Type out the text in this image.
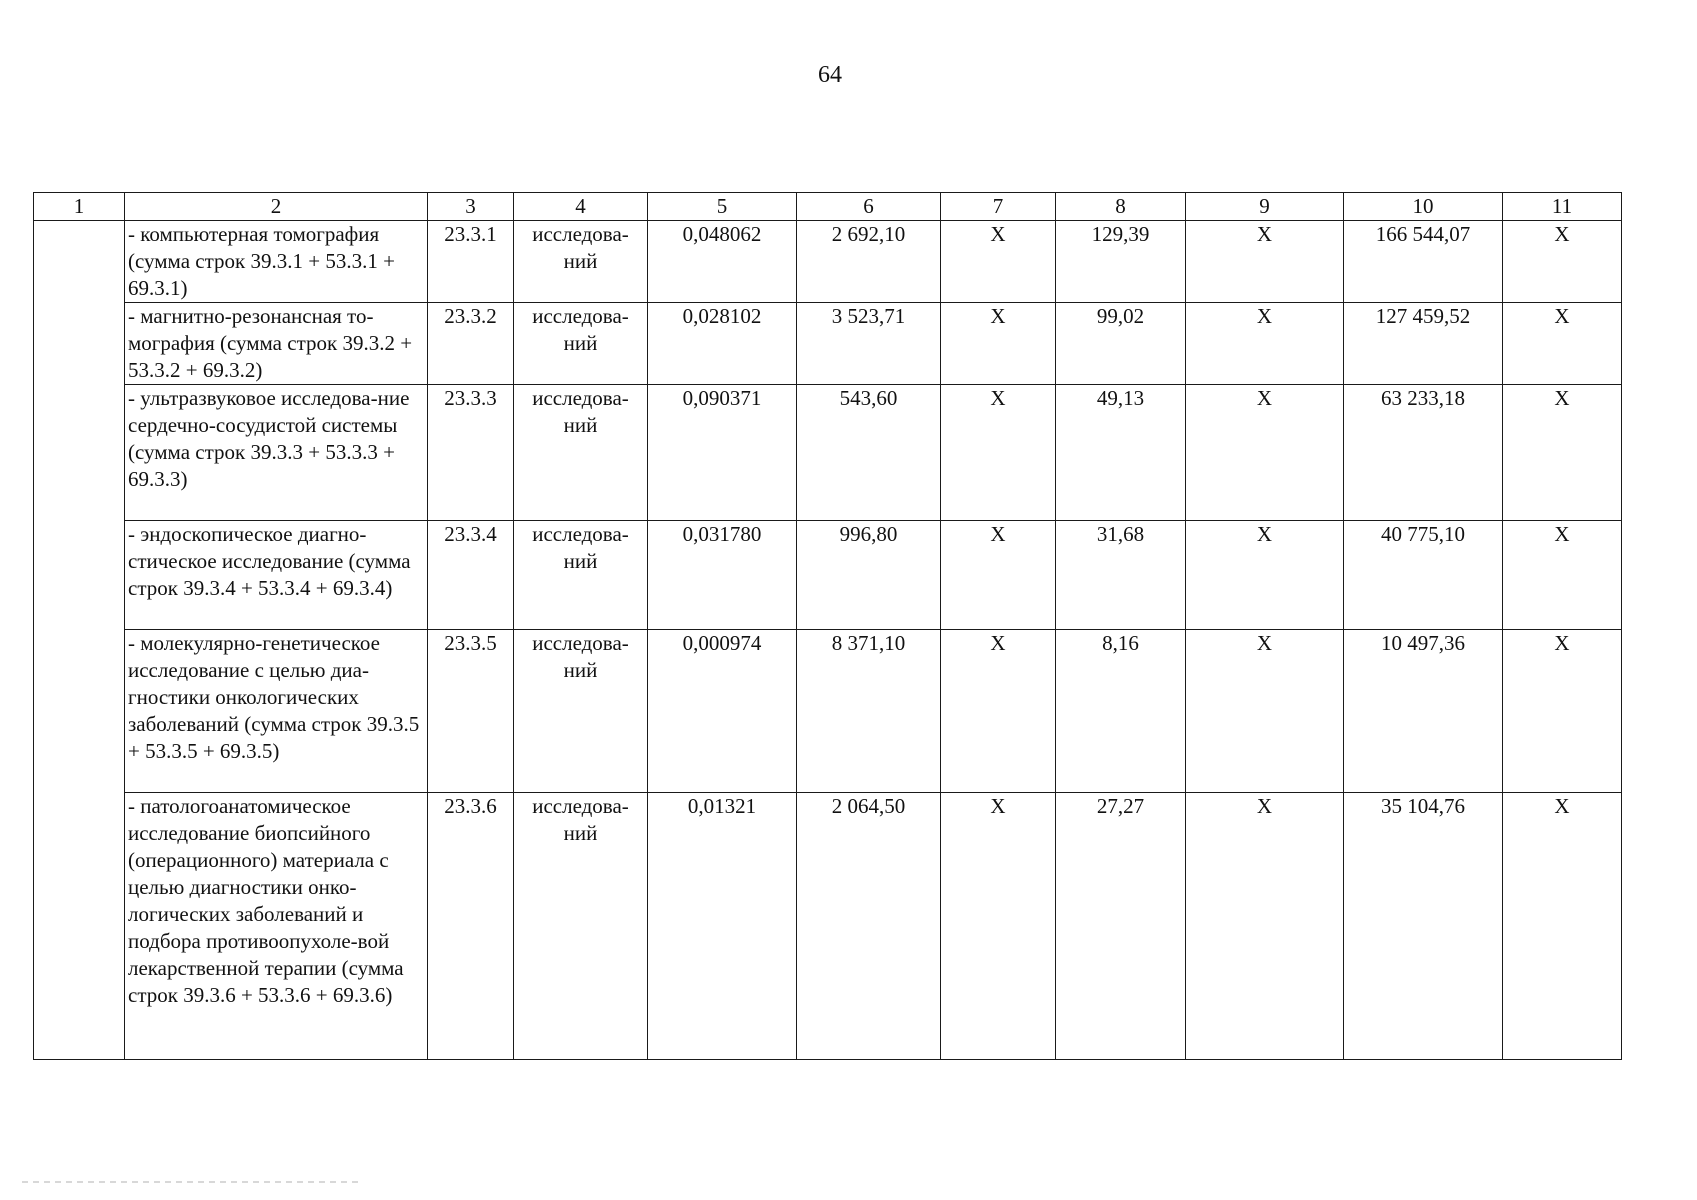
64
1	2	3	4	5	6	7	8	9	10	11
	- компьютерная томография (сумма строк 39.3.1 + 53.3.1 + 69.3.1)	23.3.1	исследова-ний	0,048062	2 692,10	Х	129,39	Х	166 544,07	Х
	- магнитно-резонансная то-мография (сумма строк 39.3.2 + 53.3.2 + 69.3.2)	23.3.2	исследова-ний	0,028102	3 523,71	Х	99,02	Х	127 459,52	Х
	- ультразвуковое исследова-ние сердечно-сосудистой системы (сумма строк 39.3.3 + 53.3.3 + 69.3.3)	23.3.3	исследова-ний	0,090371	543,60	Х	49,13	Х	63 233,18	Х
	- эндоскопическое диагно-стическое исследование (сумма строк 39.3.4 + 53.3.4 + 69.3.4)	23.3.4	исследова-ний	0,031780	996,80	Х	31,68	Х	40 775,10	Х
	- молекулярно-генетическое исследование с целью диа-гностики онкологических заболеваний (сумма строк 39.3.5 + 53.3.5 + 69.3.5)	23.3.5	исследова-ний	0,000974	8 371,10	Х	8,16	Х	10 497,36	Х
	- патологоанатомическое исследование биопсийного (операционного) материала с целью диагностики онко-логических заболеваний и подбора противоопухоле-вой лекарственной терапии (сумма строк 39.3.6 + 53.3.6 + 69.3.6)	23.3.6	исследова-ний	0,01321	2 064,50	Х	27,27	Х	35 104,76	Х
